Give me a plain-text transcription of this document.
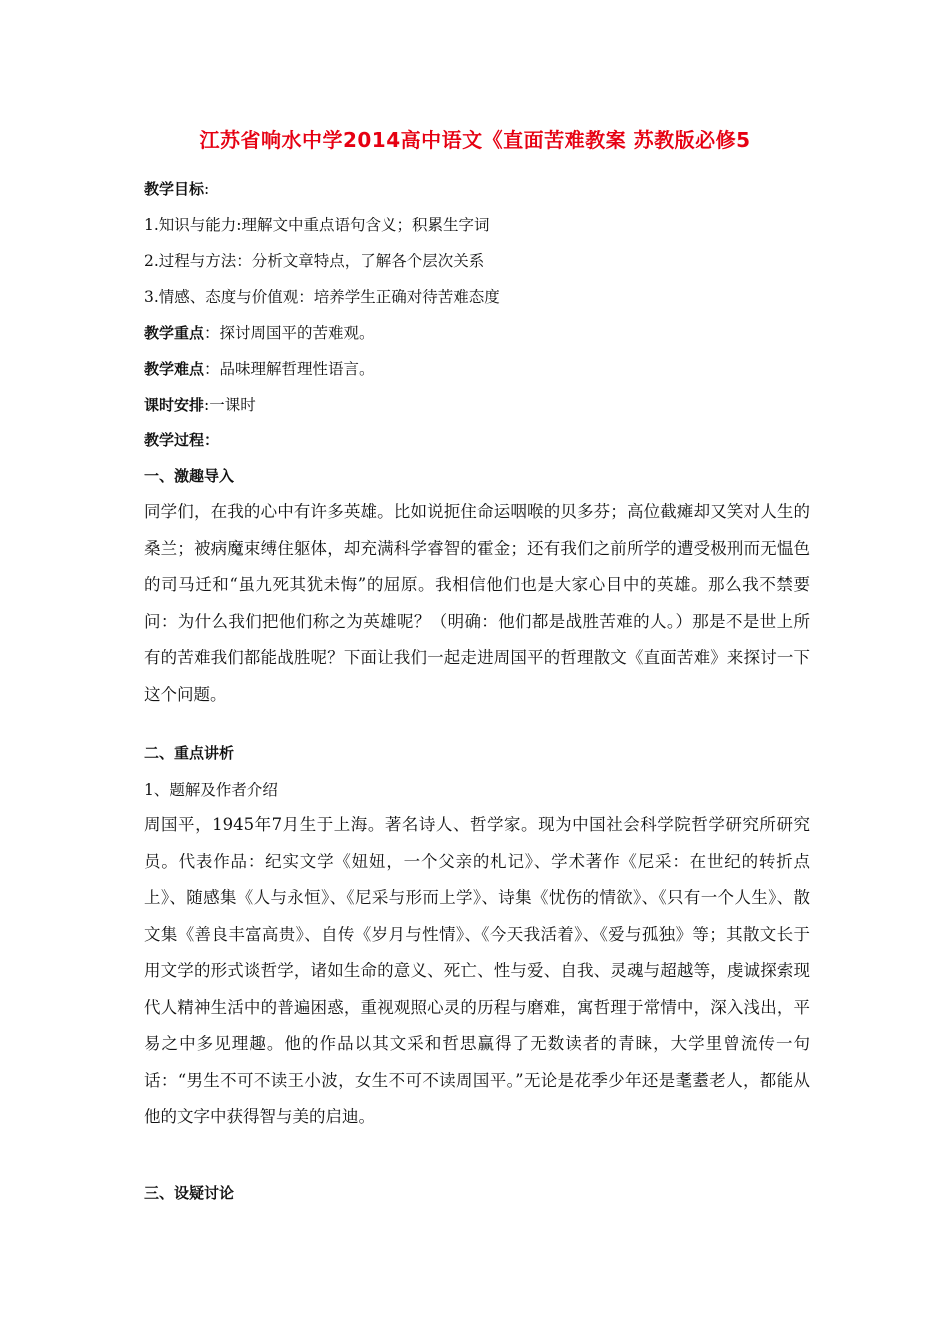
江苏省响水中学2014高中语文《直面苦难教案 苏教版必修5
教学目标:
1.知识与能力:理解文中重点语句含义；积累生字词
2.过程与方法：分析文章特点，了解各个层次关系
3.情感、态度与价值观：培养学生正确对待苦难态度
教学重点：探讨周国平的苦难观。
教学难点：品味理解哲理性语言。
课时安排:一课时
教学过程：
一、激趣导入
同学们，在我的心中有许多英雄。比如说扼住命运咽喉的贝多芬；高位截瘫却又笑对人生的桑兰；被病魔束缚住躯体，却充满科学睿智的霍金；还有我们之前所学的遭受极刑而无愠色的司马迁和“虽九死其犹未悔”的屈原。我相信他们也是大家心目中的英雄。那么我不禁要问：为什么我们把他们称之为英雄呢？（明确：他们都是战胜苦难的人。）那是不是世上所有的苦难我们都能战胜呢？下面让我们一起走进周国平的哲理散文《直面苦难》来探讨一下这个问题。
二、重点讲析
1、题解及作者介绍
周国平，1945年7月生于上海。著名诗人、哲学家。现为中国社会科学院哲学研究所研究员。代表作品：纪实文学《妞妞，一个父亲的札记》、学术著作《尼采：在世纪的转折点上》、随感集《人与永恒》、《尼采与形而上学》、诗集《忧伤的情欲》、《只有一个人生》、散文集《善良丰富高贵》、自传《岁月与性情》、《今天我活着》、《爱与孤独》等；其散文长于用文学的形式谈哲学，诸如生命的意义、死亡、性与爱、自我、灵魂与超越等，虔诚探索现代人精神生活中的普遍困惑，重视观照心灵的历程与磨难，寓哲理于常情中，深入浅出，平易之中多见理趣。他的作品以其文采和哲思赢得了无数读者的青睐，大学里曾流传一句话：“男生不可不读王小波，女生不可不读周国平。”无论是花季少年还是耄耋老人，都能从他的文字中获得智与美的启迪。
三、设疑讨论
